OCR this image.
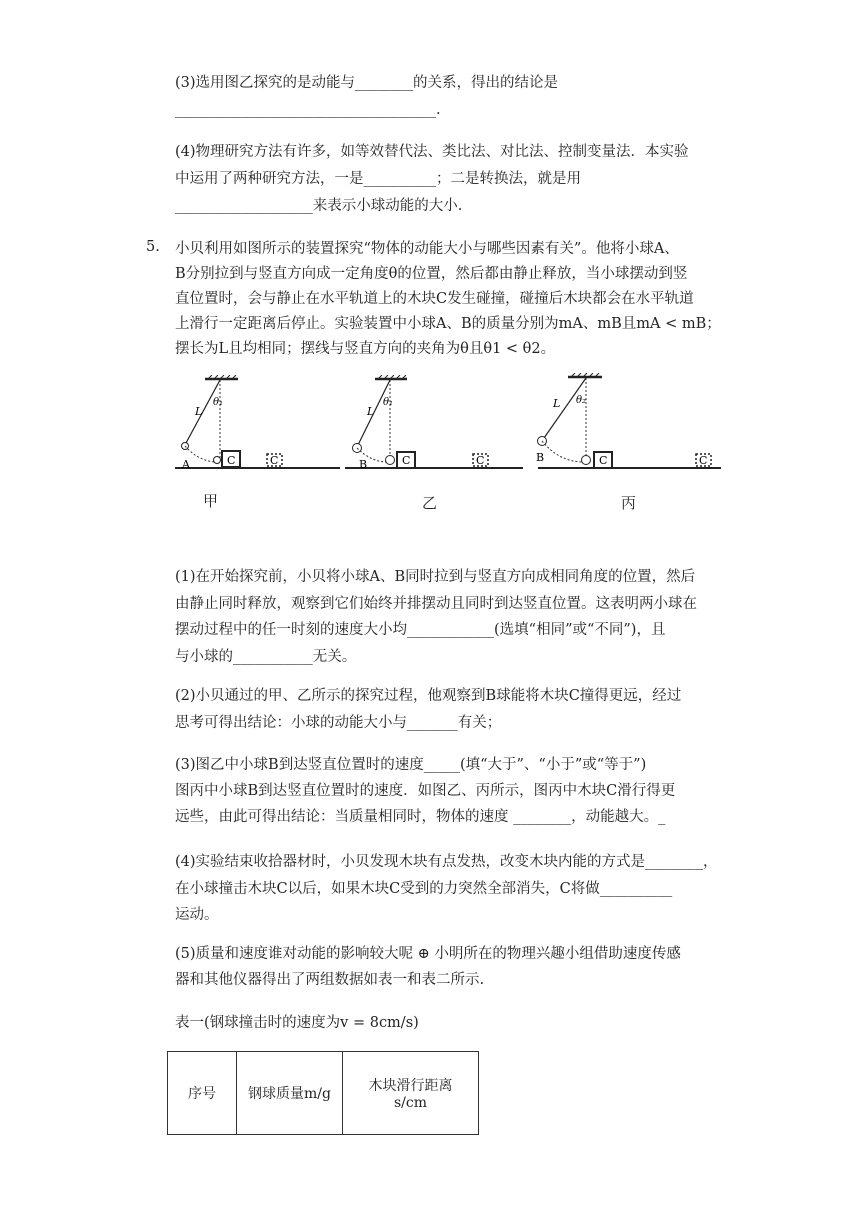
(3)选用图乙探究的是动能与________的关系，得出的结论是
____________________________________.
(4)物理研究方法有许多，如等效替代法、类比法、对比法、控制变量法．本实验
中运用了两种研究方法，一是__________；二是转换法，就是用
___________________来表示小球动能的大小.
5. 小贝利用如图所示的装置探究“物体的动能大小与哪些因素有关”。他将小球A、
B分别拉到与竖直方向成一定角度θ的位置，然后都由静止释放，当小球摆动到竖
直位置时，会与静止在水平轨道上的木块C发生碰撞，碰撞后木块都会在水平轨道
上滑行一定距离后停止。实验装置中小球A、B的质量分别为mA、mB且mA < mB；
摆长为L且均相同；摆线与竖直方向的夹角为θ且θ1 < θ2。
L
θ₁
A	C	C
甲
L
θ₁
B	C	C
乙
L θ₂
B	C	C
丙
(1)在开始探究前，小贝将小球A、B同时拉到与竖直方向成相同角度的位置，然后
由静止同时释放，观察到它们始终并排摆动且同时到达竖直位置。这表明两小球在
摆动过程中的任一时刻的速度大小均____________(选填“相同”或“不同”)，且
与小球的___________无关。
(2)小贝通过的甲、乙所示的探究过程，他观察到B球能将木块C撞得更远，经过
思考可得出结论：小球的动能大小与_______有关；
(3)图乙中小球B到达竖直位置时的速度_____(填“大于”、“小于”或“等于”)
图丙中小球B到达竖直位置时的速度．如图乙、丙所示，图丙中木块C滑行得更
远些，由此可得出结论：当质量相同时，物体的速度 ________，动能越大。_
(4)实验结束收拾器材时，小贝发现木块有点发热，改变木块内能的方式是________，
在小球撞击木块C以后，如果木块C受到的力突然全部消失，C将做__________
运动。
(5)质量和速度谁对动能的影响较大呢 ⊕ 小明所在的物理兴趣小组借助速度传感
器和其他仪器得出了两组数据如表一和表二所示.
表一(钢球撞击时的速度为v = 8cm/s)
序号	钢球质量m/g	木块滑行距离 s/cm
